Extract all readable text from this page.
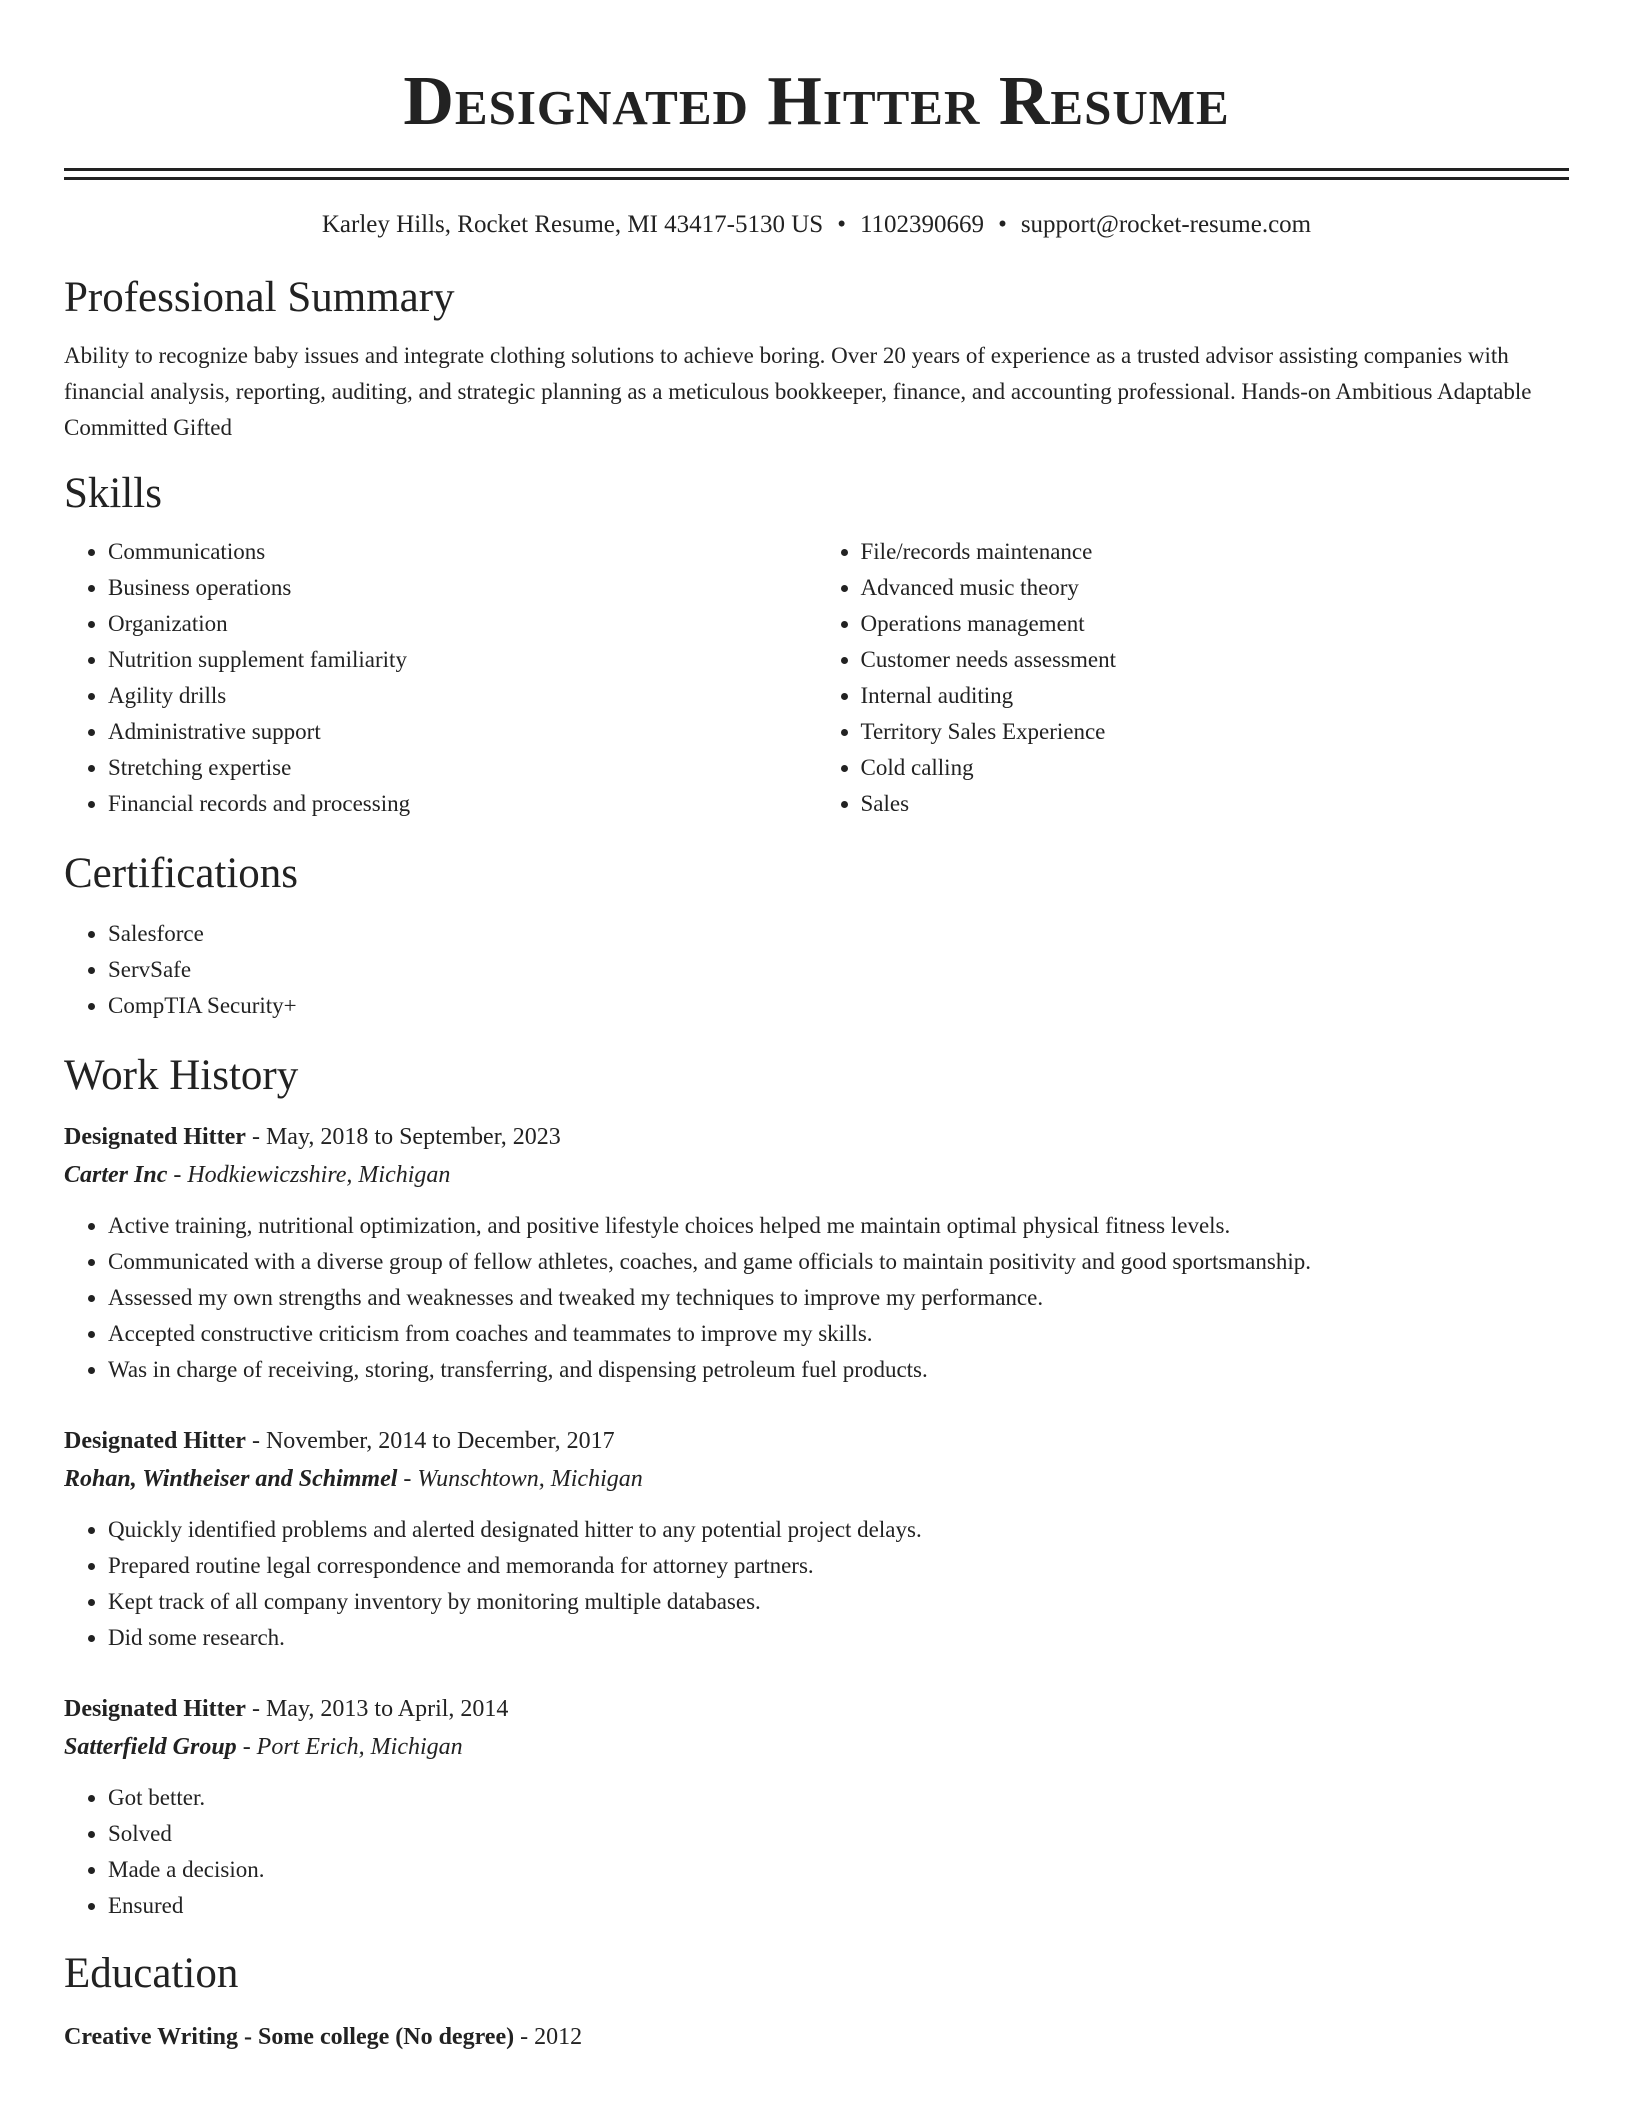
Designated Hitter Resume
Karley Hills, Rocket Resume, MI 43417-5130 US • 1102390669 • support@rocket-resume.com
Professional Summary
Ability to recognize baby issues and integrate clothing solutions to achieve boring. Over 20 years of experience as a trusted advisor assisting companies with financial analysis, reporting, auditing, and strategic planning as a meticulous bookkeeper, finance, and accounting professional. Hands-on Ambitious Adaptable Committed Gifted
Skills
• Communications
• Business operations
• Organization
• Nutrition supplement familiarity
• Agility drills
• Administrative support
• Stretching expertise
• Financial records and processing
• File/records maintenance
• Advanced music theory
• Operations management
• Customer needs assessment
• Internal auditing
• Territory Sales Experience
• Cold calling
• Sales
Certifications
• Salesforce
• ServSafe
• CompTIA Security+
Work History
Designated Hitter - May, 2018 to September, 2023
Carter Inc - Hodkiewiczshire, Michigan
• Active training, nutritional optimization, and positive lifestyle choices helped me maintain optimal physical fitness levels.
• Communicated with a diverse group of fellow athletes, coaches, and game officials to maintain positivity and good sportsmanship.
• Assessed my own strengths and weaknesses and tweaked my techniques to improve my performance.
• Accepted constructive criticism from coaches and teammates to improve my skills.
• Was in charge of receiving, storing, transferring, and dispensing petroleum fuel products.
Designated Hitter - November, 2014 to December, 2017
Rohan, Wintheiser and Schimmel - Wunschtown, Michigan
• Quickly identified problems and alerted designated hitter to any potential project delays.
• Prepared routine legal correspondence and memoranda for attorney partners.
• Kept track of all company inventory by monitoring multiple databases.
• Did some research.
Designated Hitter - May, 2013 to April, 2014
Satterfield Group - Port Erich, Michigan
• Got better.
• Solved
• Made a decision.
• Ensured
Education
Creative Writing - Some college (No degree) - 2012
